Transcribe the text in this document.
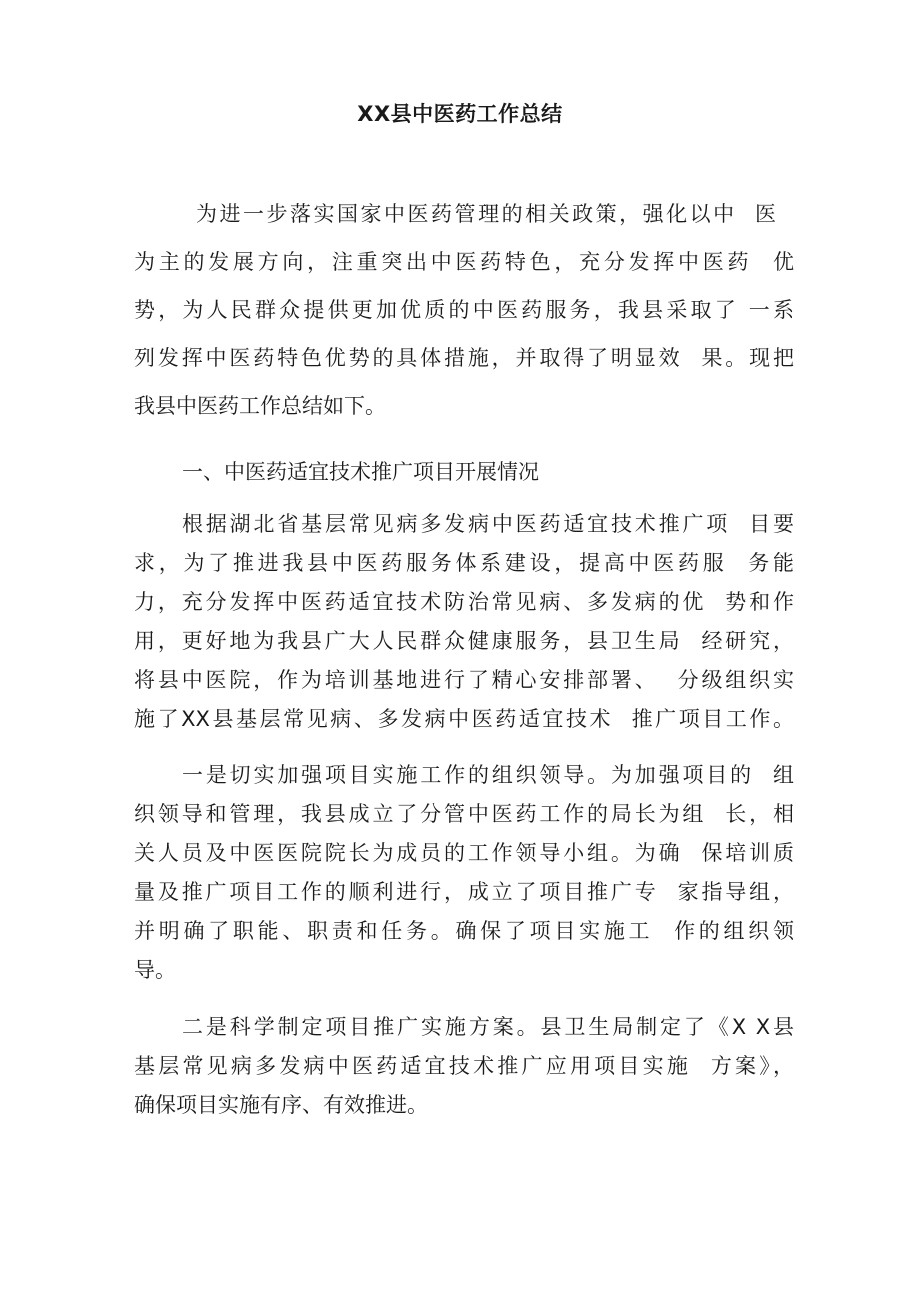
XX县中医药工作总结
为进一步落实国家中医药管理的相关政策，强化以中  医
为主的发展方向，注重突出中医药特色，充分发挥中医药  优
势，为人民群众提供更加优质的中医药服务，我县采取了 一系
列发挥中医药特色优势的具体措施，并取得了明显效  果。现把
我县中医药工作总结如下。
一、中医药适宜技术推广项目开展情况
根据湖北省基层常见病多发病中医药适宜技术推广项  目要
求，为了推进我县中医药服务体系建设，提高中医药服  务能
力，充分发挥中医药适宜技术防治常见病、多发病的优  势和作
用，更好地为我县广大人民群众健康服务，县卫生局  经研究，
将县中医院，作为培训基地进行了精心安排部署、  分级组织实
施了XX县基层常见病、多发病中医药适宜技术  推广项目工作。
一是切实加强项目实施工作的组织领导。为加强项目的  组
织领导和管理，我县成立了分管中医药工作的局长为组  长，相
关人员及中医医院院长为成员的工作领导小组。为确  保培训质
量及推广项目工作的顺利进行，成立了项目推广专  家指导组，
并明确了职能、职责和任务。确保了项目实施工  作的组织领
导。
二是科学制定项目推广实施方案。县卫生局制定了《X X县
基层常见病多发病中医药适宜技术推广应用项目实施  方案》，
确保项目实施有序、有效推进。
